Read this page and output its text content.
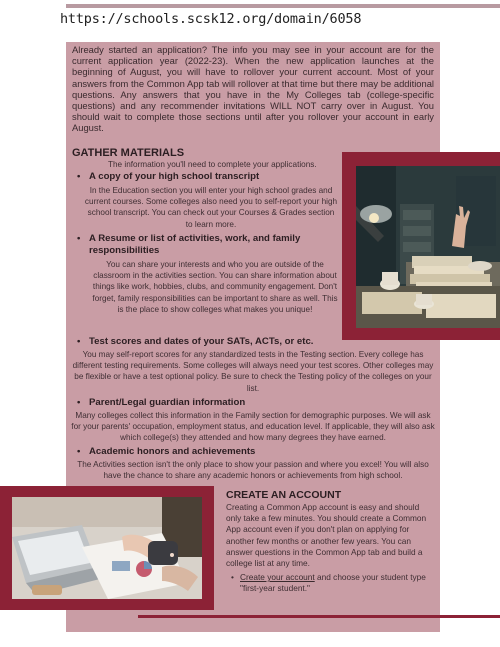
https://schools.scsk12.org/domain/6058

Already started an application? The info you may see in your account are for the current application year (2022-23). When the new application launches at the beginning of August, you will have to rollover your current account. Most of your answers from the Common App tab will rollover at that time but there may be additional questions. Any answers that you have in the My Colleges tab (college-specific questions) and any recommender invitations WILL NOT carry over in August. You should wait to complete those sections until after you rollover your account in early August.

GATHER MATERIALS
The information you'll need to complete your applications.
• A copy of your high school transcript
In the Education section you will enter your high school grades and current courses. Some colleges also need you to self-report your high school transcript. You can check out your Courses & Grades section to learn more.
• A Resume or list of activities, work, and family responsibilities
You can share your interests and who you are outside of the classroom in the activities section. You can share information about things like work, hobbies, clubs, and community engagement. Don't forget, family responsibilities can be important to share as well. This is the place to show colleges what makes you unique!
• Test scores and dates of your SATs, ACTs, or etc.
You may self-report scores for any standardized tests in the Testing section. Every college has different testing requirements. Some colleges will always need your test scores. Other colleges may be flexible or have a test optional policy. Be sure to check the Testing policy of the colleges on your list.
• Parent/Legal guardian information
Many colleges collect this information in the Family section for demographic purposes. We will ask for your parents' occupation, employment status, and education level. If applicable, they will also ask which college(s) they attended and how many degrees they have earned.
• Academic honors and achievements
The Activities section isn't the only place to show your passion and where you excel! You will also have the chance to share any academic honors or achievements from high school.
CREATE AN ACCOUNT

Creating a Common App account is easy and should only take a few minutes. You should create a Common App account even if you don't plan on applying for another few months or another few years. You can answer questions in the Common App tab and build a college list at any time.

• Create your account and choose your student type "first-year student."
